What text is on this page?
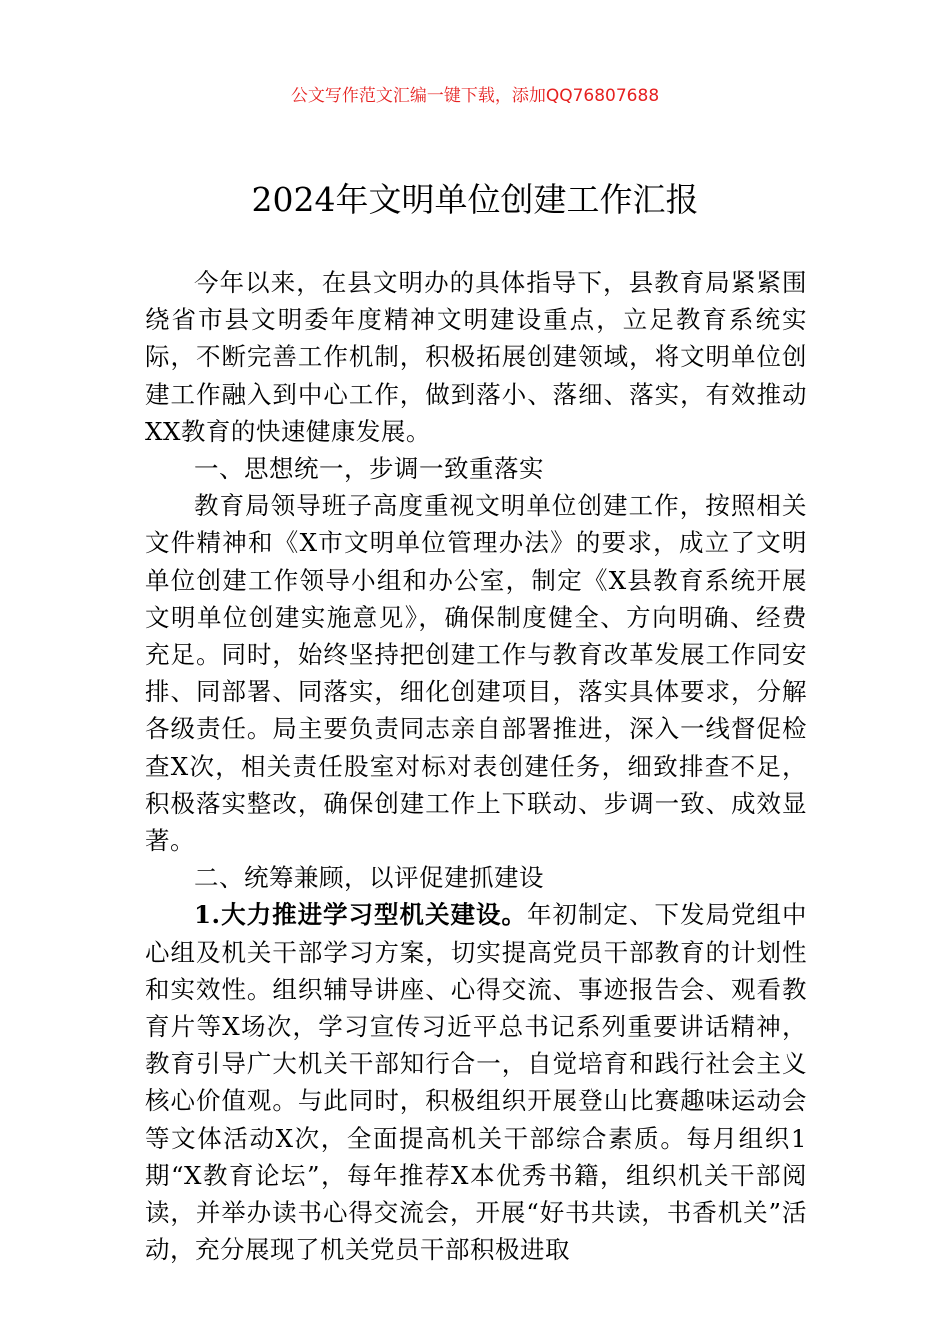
公文写作范文汇编一键下载，添加QQ76807688
2024年文明单位创建工作汇报

今年以来，在县文明办的具体指导下，县教育局紧紧围绕省市县文明委年度精神文明建设重点，立足教育系统实际，不断完善工作机制，积极拓展创建领域，将文明单位创建工作融入到中心工作，做到落小、落细、落实，有效推动XX教育的快速健康发展。

一、思想统一，步调一致重落实

教育局领导班子高度重视文明单位创建工作，按照相关文件精神和《X市文明单位管理办法》的要求，成立了文明单位创建工作领导小组和办公室，制定《X县教育系统开展文明单位创建实施意见》，确保制度健全、方向明确、经费充足。同时，始终坚持把创建工作与教育改革发展工作同安排、同部署、同落实，细化创建项目，落实具体要求，分解各级责任。局主要负责同志亲自部署推进，深入一线督促检查X次，相关责任股室对标对表创建任务，细致排查不足，积极落实整改，确保创建工作上下联动、步调一致、成效显著。

二、统筹兼顾，以评促建抓建设

1.大力推进学习型机关建设。年初制定、下发局党组中心组及机关干部学习方案，切实提高党员干部教育的计划性和实效性。组织辅导讲座、心得交流、事迹报告会、观看教育片等X场次，学习宣传习近平总书记系列重要讲话精神，教育引导广大机关干部知行合一，自觉培育和践行社会主义核心价值观。与此同时，积极组织开展登山比赛趣味运动会等文体活动X次，全面提高机关干部综合素质。每月组织1期“X教育论坛”，每年推荐X本优秀书籍，组织机关干部阅读，并举办读书心得交流会，开展“好书共读，书香机关”活动，充分展现了机关党员干部积极进取
